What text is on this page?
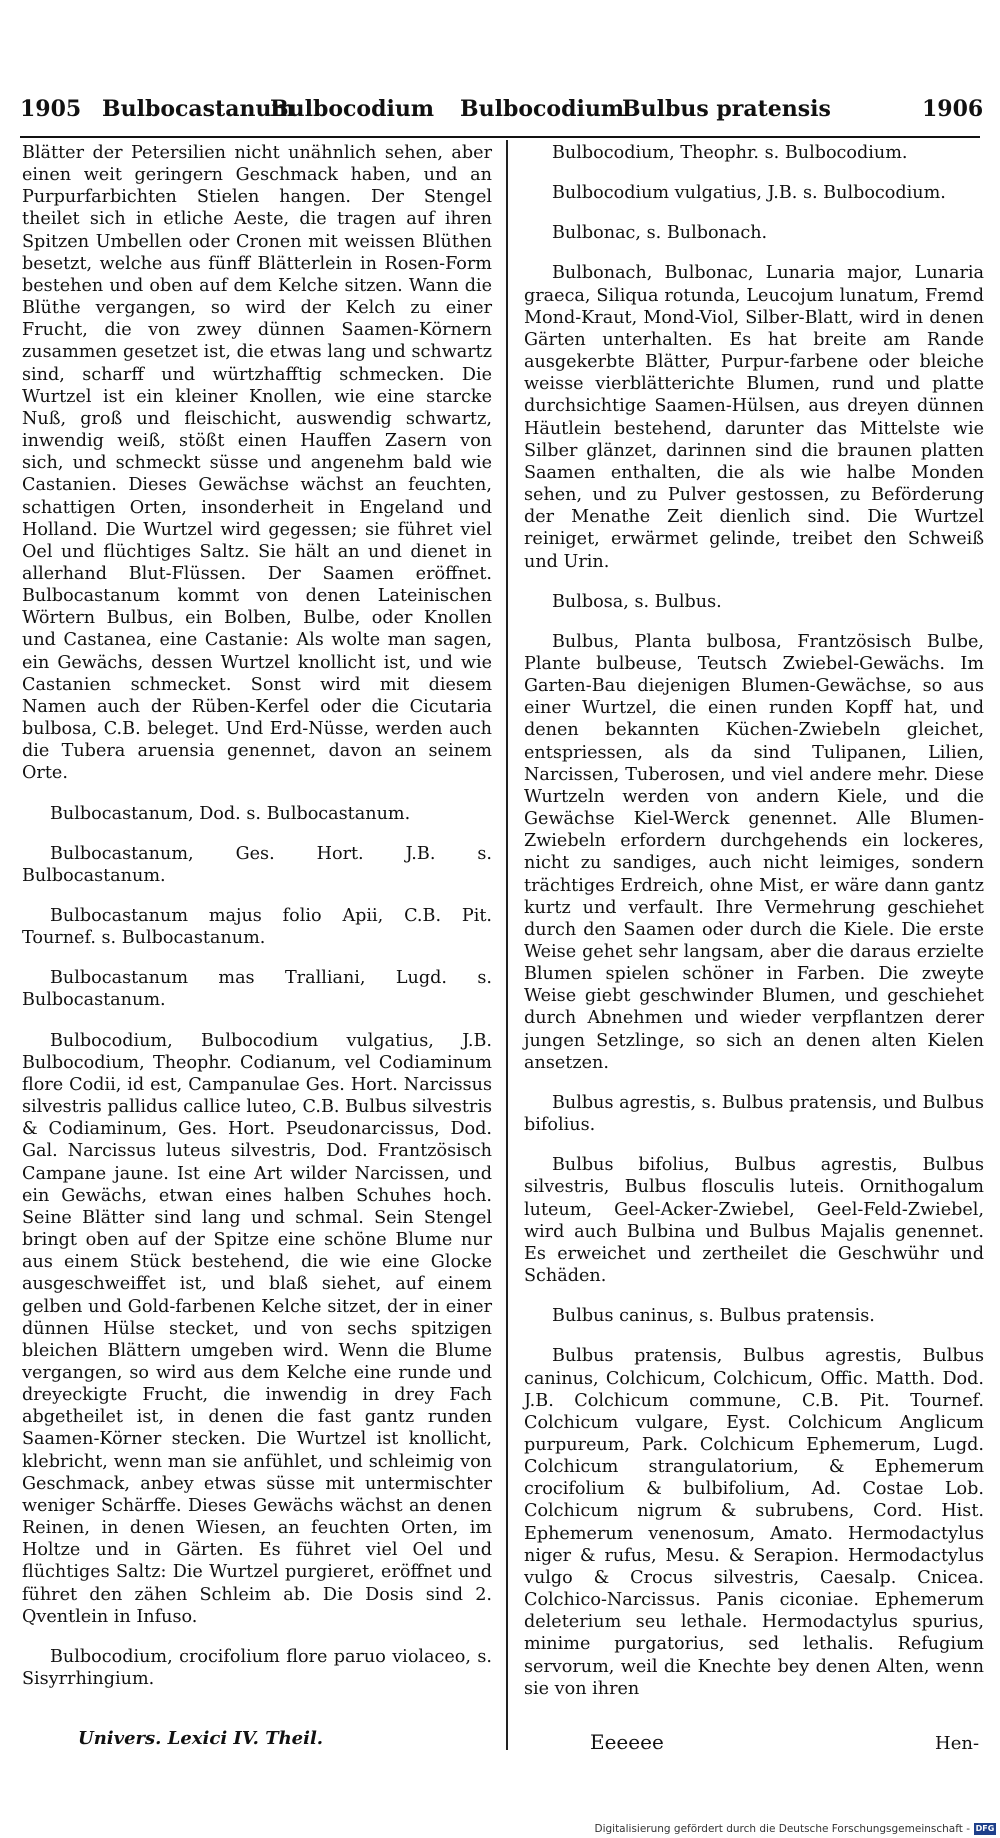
1905 Bulbocastanum
Bulbocodium Bulbocodium
Bulbus pratensis	1906

Blätter der Petersilien nicht unähnlich sehen, aber einen weit geringern Geschmack haben, und an Purpurfarbichten Stielen hangen. Der Stengel theilet sich in etliche Aeste, die tragen auf ihren Spitzen Umbellen oder Cronen mit weissen Blüthen besetzt, welche aus fünff Blätterlein in Rosen-Form bestehen und oben auf dem Kelche sitzen. Wann die Blüthe vergangen, so wird der Kelch zu einer Frucht, die von zwey dünnen Saamen-Körnern zusammen gesetzet ist, die etwas lang und schwartz sind, scharff und würtzhafftig schmecken. Die Wurtzel ist ein kleiner Knollen, wie eine starcke Nuß, groß und fleischicht, auswendig schwartz, inwendig weiß, stößt einen Hauffen Zasern von sich, und schmeckt süsse und angenehm bald wie Castanien. Dieses Gewächse wächst an feuchten, schattigen Orten, insonderheit in Engeland und Holland. Die Wurtzel wird gegessen; sie führet viel Oel und flüchtiges Saltz. Sie hält an und dienet in allerhand Blut-Flüssen. Der Saamen eröffnet. Bulbocastanum kommt von denen Lateinischen Wörtern Bulbus, ein Bolben, Bulbe, oder Knollen und Castanea, eine Castanie: Als wolte man sagen, ein Gewächs, dessen Wurtzel knollicht ist, und wie Castanien schmecket. Sonst wird mit diesem Namen auch der Rüben-Kerfel oder die Cicutaria bulbosa, C.B. beleget. Und Erd-Nüsse, werden auch die Tubera aruensia genennet, davon an seinem Orte.

Bulbocastanum, Dod. s. Bulbocastanum.

Bulbocastanum, Ges. Hort. J.B. s. Bulbocastanum.

Bulbocastanum majus folio Apii, C.B. Pit. Tournef. s. Bulbocastanum.

Bulbocastanum mas Tralliani, Lugd. s. Bulbocastanum.

Bulbocodium, Bulbocodium vulgatius, J.B. Bulbocodium, Theophr. Codianum, vel Codiaminum flore Codii, id est, Campanulae Ges. Hort. Narcissus silvestris pallidus callice luteo, C.B. Bulbus silvestris & Codiaminum, Ges. Hort. Pseudonarcissus, Dod. Gal. Narcissus luteus silvestris, Dod. Frantzösisch Campane jaune. Ist eine Art wilder Narcissen, und ein Gewächs, etwan eines halben Schuhes hoch. Seine Blätter sind lang und schmal. Sein Stengel bringt oben auf der Spitze eine schöne Blume nur aus einem Stück bestehend, die wie eine Glocke ausgeschweiffet ist, und blaß siehet, auf einem gelben und Gold-farbenen Kelche sitzet, der in einer dünnen Hülse stecket, und von sechs spitzigen bleichen Blättern umgeben wird. Wenn die Blume vergangen, so wird aus dem Kelche eine runde und dreyeckigte Frucht, die inwendig in drey Fach abgetheilet ist, in denen die fast gantz runden Saamen-Körner stecken. Die Wurtzel ist knollicht, klebricht, wenn man sie anfühlet, und schleimig von Geschmack, anbey etwas süsse mit untermischter weniger Schärffe. Dieses Gewächs wächst an denen Reinen, in denen Wiesen, an feuchten Orten, im Holtze und in Gärten. Es führet viel Oel und flüchtiges Saltz: Die Wurtzel purgieret, eröffnet und führet den zähen Schleim ab. Die Dosis sind 2. Qventlein in Infuso.

Bulbocodium, crocifolium flore paruo violaceo, s. Sisyrrhingium.

Bulbocodium, Theophr. s. Bulbocodium.

Bulbocodium vulgatius, J.B. s. Bulbocodium.

Bulbonac, s. Bulbonach.

Bulbonach, Bulbonac, Lunaria major, Lunaria graeca, Siliqua rotunda, Leucojum lunatum, Fremd Mond-Kraut, Mond-Viol, Silber-Blatt, wird in denen Gärten unterhalten. Es hat breite am Rande ausgekerbte Blätter, Purpur-farbene oder bleiche weisse vierblätterichte Blumen, rund und platte durchsichtige Saamen-Hülsen, aus dreyen dünnen Häutlein bestehend, darunter das Mittelste wie Silber glänzet, darinnen sind die braunen platten Saamen enthalten, die als wie halbe Monden sehen, und zu Pulver gestossen, zu Beförderung der Menathe Zeit dienlich sind. Die Wurtzel reiniget, erwärmet gelinde, treibet den Schweiß und Urin.

Bulbosa, s. Bulbus.

Bulbus, Planta bulbosa, Frantzösisch Bulbe, Plante bulbeuse, Teutsch Zwiebel-Gewächs. Im Garten-Bau diejenigen Blumen-Gewächse, so aus einer Wurtzel, die einen runden Kopff hat, und denen bekannten Küchen-Zwiebeln gleichet, entspriessen, als da sind Tulipanen, Lilien, Narcissen, Tuberosen, und viel andere mehr. Diese Wurtzeln werden von andern Kiele, und die Gewächse Kiel-Werck genennet. Alle Blumen-Zwiebeln erfordern durchgehends ein lockeres, nicht zu sandiges, auch nicht leimiges, sondern trächtiges Erdreich, ohne Mist, er wäre dann gantz kurtz und verfault. Ihre Vermehrung geschiehet durch den Saamen oder durch die Kiele. Die erste Weise gehet sehr langsam, aber die daraus erzielte Blumen spielen schöner in Farben. Die zweyte Weise giebt geschwinder Blumen, und geschiehet durch Abnehmen und wieder verpflantzen derer jungen Setzlinge, so sich an denen alten Kielen ansetzen.

Bulbus agrestis, s. Bulbus pratensis, und Bulbus bifolius.

Bulbus bifolius, Bulbus agrestis, Bulbus silvestris, Bulbus flosculis luteis. Ornithogalum luteum, Geel-Acker-Zwiebel, Geel-Feld-Zwiebel, wird auch Bulbina und Bulbus Majalis genennet. Es erweichet und zertheilet die Geschwühr und Schäden.

Bulbus caninus, s. Bulbus pratensis.

Bulbus pratensis, Bulbus agrestis, Bulbus caninus, Colchicum, Colchicum, Offic. Matth. Dod. J.B. Colchicum commune, C.B. Pit. Tournef. Colchicum vulgare, Eyst. Colchicum Anglicum purpureum, Park. Colchicum Ephemerum, Lugd. Colchicum strangulatorium, & Ephemerum crocifolium & bulbifolium, Ad. Costae Lob. Colchicum nigrum & subrubens, Cord. Hist. Ephemerum venenosum, Amato. Hermodactylus niger & rufus, Mesu. & Serapion. Hermodactylus vulgo & Crocus silvestris, Caesalp. Cnicea. Colchico-Narcissus. Panis ciconiae. Ephemerum deleterium seu lethale. Hermodactylus spurius, minime purgatorius, sed lethalis. Refugium servorum, weil die Knechte bey denen Alten, wenn sie von ihren

Univers. Lexici IV. Theil.	Eeeeee	Hen-
Digitalisierung gefördert durch die Deutsche Forschungsgemeinschaft - DFG
